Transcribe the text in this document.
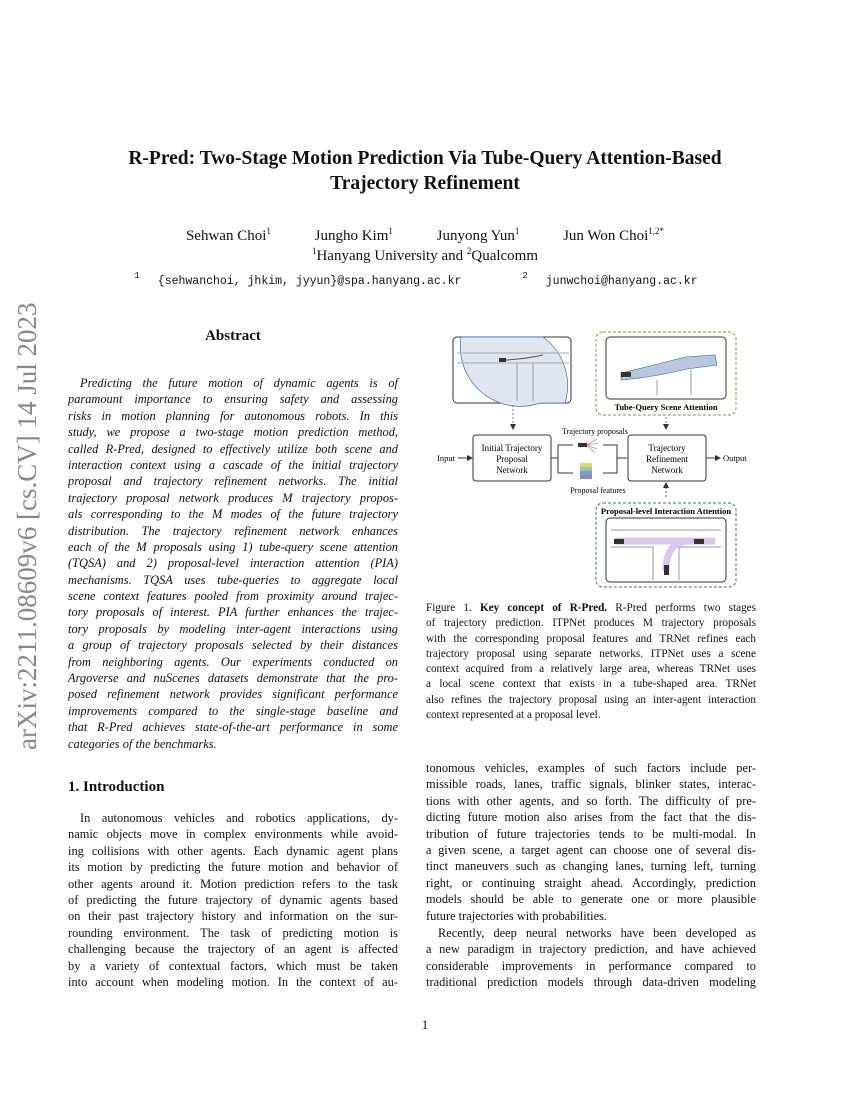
arXiv:2211.08609v6 [cs.CV] 14 Jul 2023
R-Pred: Two-Stage Motion Prediction Via Tube-Query Attention-Based
Trajectory Refinement
Sehwan Choi$^1$	Jungho Kim$^1$	Junyong Yun$^1$	Jun Won Choi$^{1,2*}$
$^1$Hanyang University and $^2$Qualcomm
$^1$ {sehwanchoi, jhkim, jyyun}@spa.hanyang.ac.kr	$^2$ junwchoi@hanyang.ac.kr
Abstract
Predicting the future motion of dynamic agents is of
paramount importance to ensuring safety and assessing
risks in motion planning for autonomous robots. In this
study, we propose a two-stage motion prediction method,
called R-Pred, designed to effectively utilize both scene and
interaction context using a cascade of the initial trajectory
proposal and trajectory refinement networks. The initial
trajectory proposal network produces M trajectory propos-
als corresponding to the M modes of the future trajectory
distribution. The trajectory refinement network enhances
each of the M proposals using 1) tube-query scene attention
(TQSA) and 2) proposal-level interaction attention (PIA)
mechanisms. TQSA uses tube-queries to aggregate local
scene context features pooled from proximity around trajec-
tory proposals of interest. PIA further enhances the trajec-
tory proposals by modeling inter-agent interactions using
a group of trajectory proposals selected by their distances
from neighboring agents. Our experiments conducted on
Argoverse and nuScenes datasets demonstrate that the pro-
posed refinement network provides significant performance
improvements compared to the single-stage baseline and
that R-Pred achieves state-of-the-art performance in some
categories of the benchmarks.
1. Introduction
In autonomous vehicles and robotics applications, dy-
namic objects move in complex environments while avoid-
ing collisions with other agents. Each dynamic agent plans
its motion by predicting the future motion and behavior of
other agents around it. Motion prediction refers to the task
of predicting the future trajectory of dynamic agents based
on their past trajectory history and information on the sur-
rounding environment. The task of predicting motion is
challenging because the trajectory of an agent is affected
by a variety of contextual factors, which must be taken
into account when modeling motion. In the context of au-
tonomous vehicles, examples of such factors include per-
missible roads, lanes, traffic signals, blinker states, interac-
tions with other agents, and so forth. The difficulty of pre-
dicting future motion also arises from the fact that the dis-
tribution of future trajectories tends to be multi-modal. In
a given scene, a target agent can choose one of several dis-
tinct maneuvers such as changing lanes, turning left, turning
right, or continuing straight ahead. Accordingly, prediction
models should be able to generate one or more plausible
future trajectories with probabilities.
Recently, deep neural networks have been developed as
a new paradigm in trajectory prediction, and have achieved
considerable improvements in performance compared to
traditional prediction models through data-driven modeling
Tube-Query Scene Attention
Initial Trajectory
Proposal
Network
Trajectory
Refinement
Network
Input	Output
Trajectory proposals
Proposal features
Proposal-level Interaction Attention
Figure 1. Key concept of R-Pred. R-Pred performs two stages
of trajectory prediction. ITPNet produces M trajectory proposals
with the corresponding proposal features and TRNet refines each
trajectory proposal using separate networks. ITPNet uses a scene
context acquired from a relatively large area, whereas TRNet uses
a local scene context that exists in a tube-shaped area. TRNet
also refines the trajectory proposal using an inter-agent interaction
context represented at a proposal level.
1
